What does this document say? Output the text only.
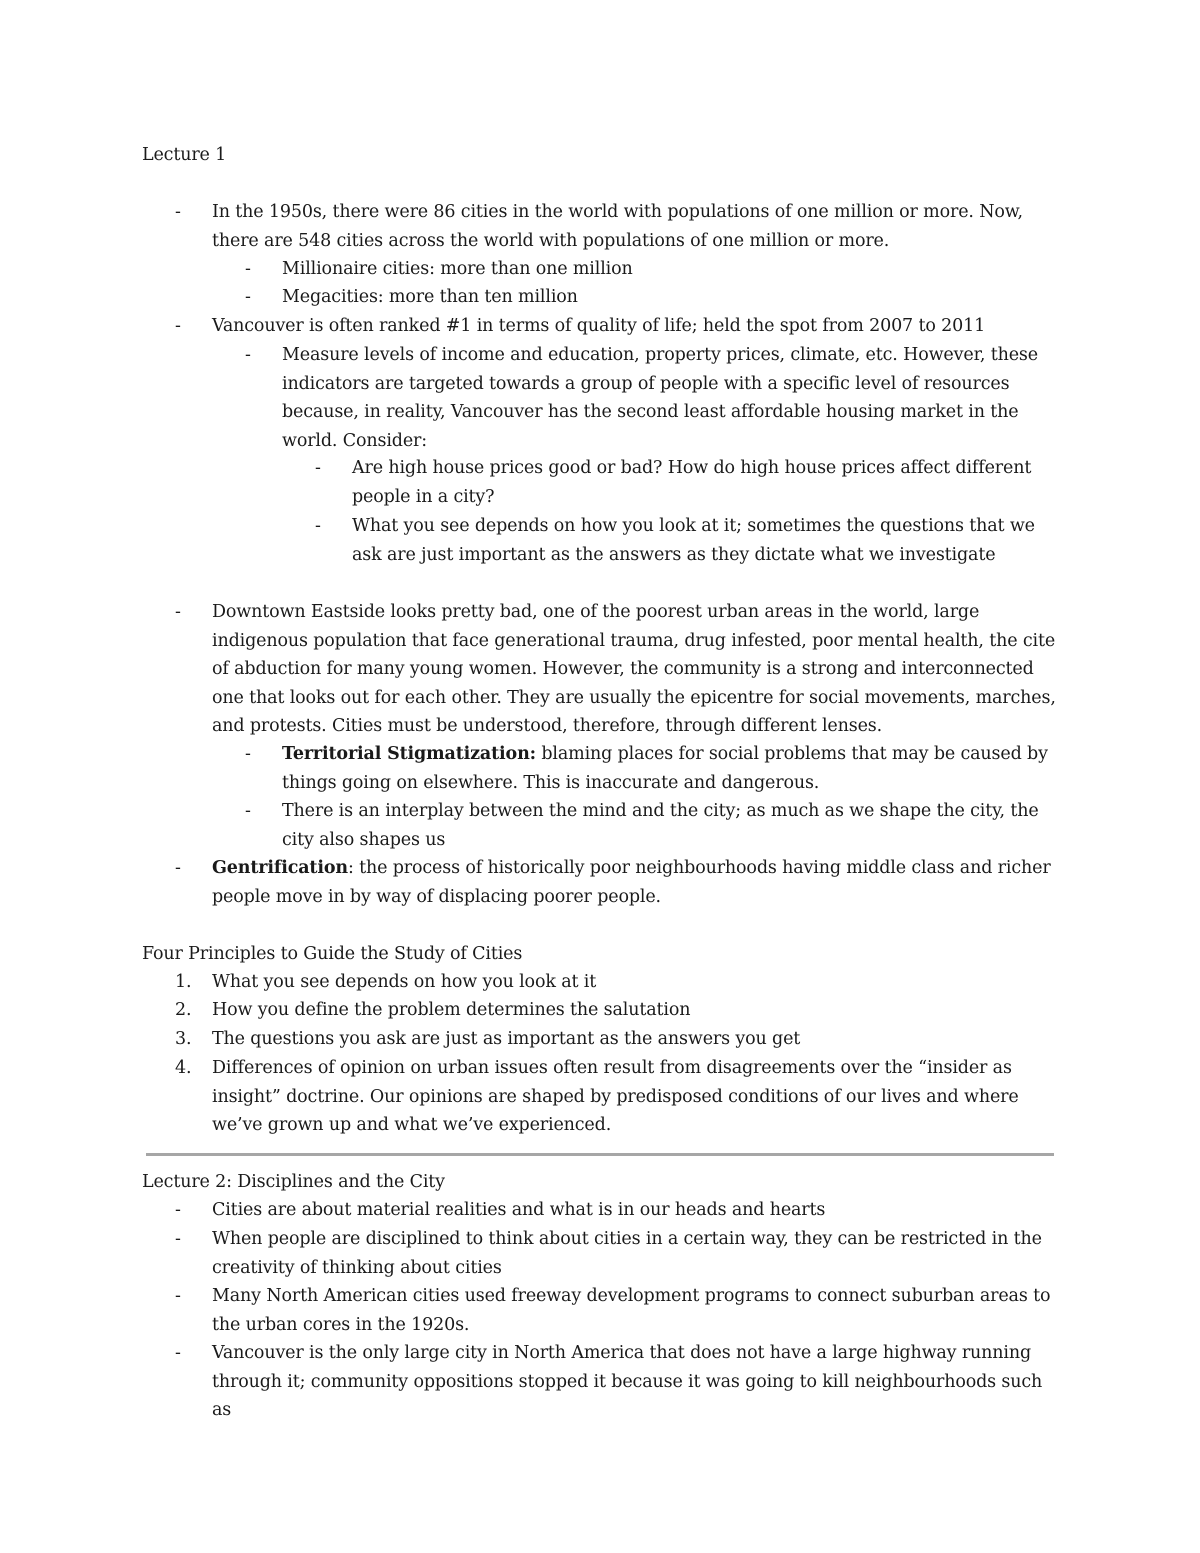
Lecture 1
- In the 1950s, there were 86 cities in the world with populations of one million or more. Now, there are 548 cities across the world with populations of one million or more.
- Millionaire cities: more than one million
- Megacities: more than ten million
- Vancouver is often ranked #1 in terms of quality of life; held the spot from 2007 to 2011
- Measure levels of income and education, property prices, climate, etc. However, these indicators are targeted towards a group of people with a specific level of resources because, in reality, Vancouver has the second least affordable housing market in the world. Consider:
- Are high house prices good or bad? How do high house prices affect different people in a city?
- What you see depends on how you look at it; sometimes the questions that we ask are just important as the answers as they dictate what we investigate
- Downtown Eastside looks pretty bad, one of the poorest urban areas in the world, large indigenous population that face generational trauma, drug infested, poor mental health, the cite of abduction for many young women. However, the community is a strong and interconnected one that looks out for each other. They are usually the epicentre for social movements, marches, and protests. Cities must be understood, therefore, through different lenses.
- Territorial Stigmatization: blaming places for social problems that may be caused by things going on elsewhere. This is inaccurate and dangerous.
- There is an interplay between the mind and the city; as much as we shape the city, the city also shapes us
- Gentrification: the process of historically poor neighbourhoods having middle class and richer people move in by way of displacing poorer people.
Four Principles to Guide the Study of Cities
1. What you see depends on how you look at it
2. How you define the problem determines the salutation
3. The questions you ask are just as important as the answers you get
4. Differences of opinion on urban issues often result from disagreements over the “insider as insight” doctrine. Our opinions are shaped by predisposed conditions of our lives and where we’ve grown up and what we’ve experienced.
Lecture 2: Disciplines and the City
- Cities are about material realities and what is in our heads and hearts
- When people are disciplined to think about cities in a certain way, they can be restricted in the creativity of thinking about cities
- Many North American cities used freeway development programs to connect suburban areas to the urban cores in the 1920s.
- Vancouver is the only large city in North America that does not have a large highway running through it; community oppositions stopped it because it was going to kill neighbourhoods such as
